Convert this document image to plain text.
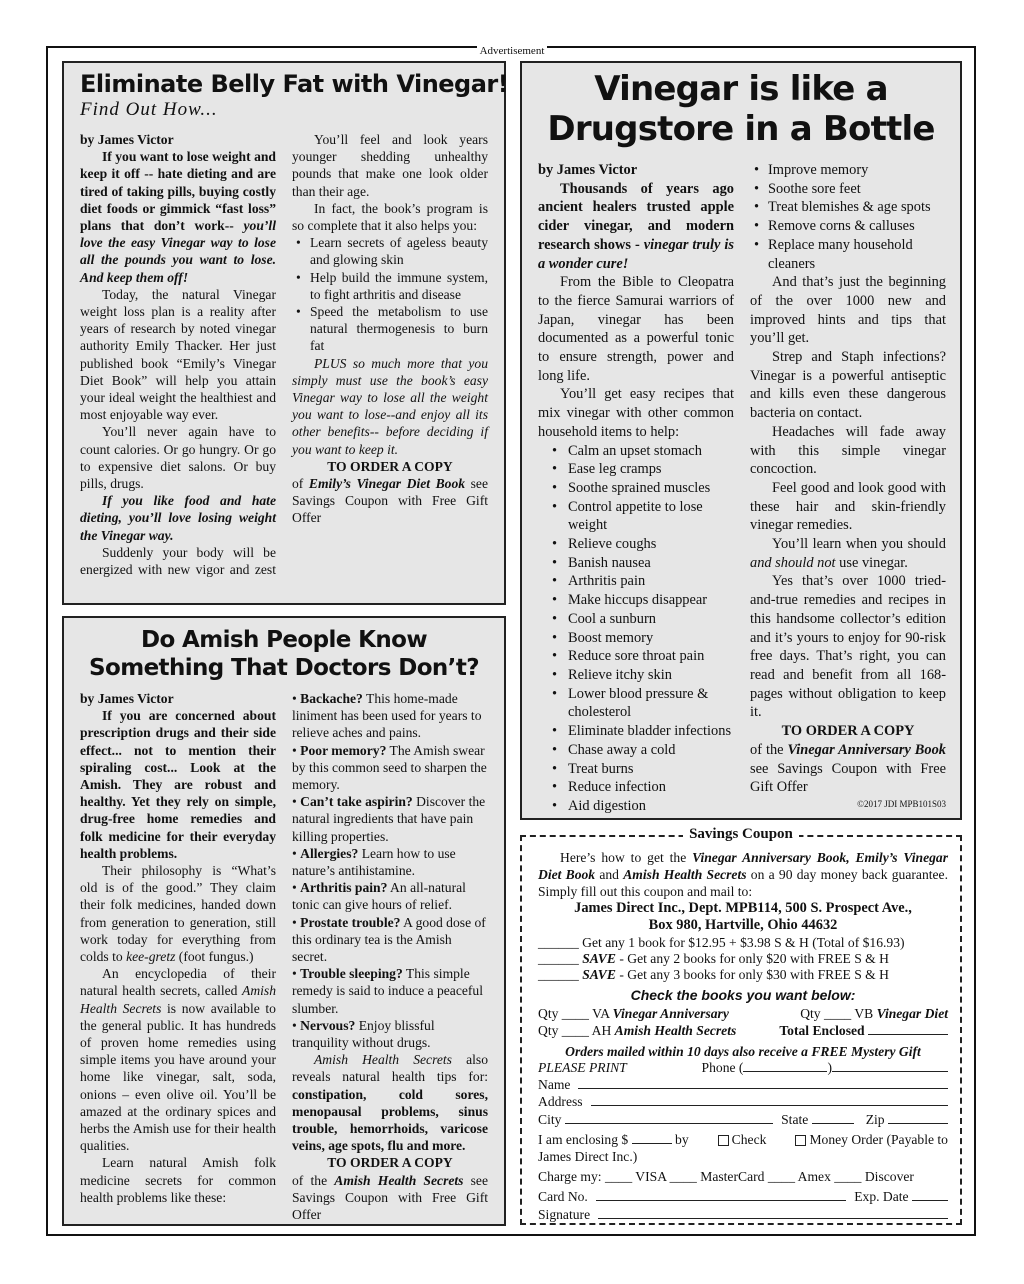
Advertisement
Eliminate Belly Fat with Vinegar!
Find Out How...

by James Victor

If you want to lose weight and keep it off -- hate dieting and are tired of taking pills, buying costly diet foods or gimmick “fast loss” plans that don’t work-- you’ll love the easy Vinegar way to lose all the pounds you want to lose. And keep them off!

Today, the natural Vinegar weight loss plan is a reality after years of research by noted vinegar authority Emily Thacker. Her just published book “Emily’s Vinegar Diet Book” will help you attain your ideal weight the healthiest and most enjoyable way ever.

You’ll never again have to count calories. Or go hungry. Or go to expensive diet salons. Or buy pills, drugs.

If you like food and hate dieting, you’ll love losing weight the Vinegar way.

Suddenly your body will be energized with new vigor and zest

You’ll feel and look years younger shedding unhealthy pounds that make one look older than their age.

In fact, the book’s program is so complete that it also helps you:

• Learn secrets of ageless beauty and glowing skin
• Help build the immune system, to fight arthritis and disease
• Speed the metabolism to use natural thermogenesis to burn fat

PLUS so much more that you simply must use the book’s easy Vinegar way to lose all the weight you want to lose--and enjoy all its other benefits-- before deciding if you want to keep it.

TO ORDER A COPY

of Emily’s Vinegar Diet Book see Savings Coupon with Free Gift Offer

Do Amish People Know
Something That Doctors Don’t?

by James Victor

If you are concerned about prescription drugs and their side effect... not to mention their spiraling cost... Look at the Amish. They are robust and healthy. Yet they rely on simple, drug-free home remedies and folk medicine for their everyday health problems.

Their philosophy is “What’s old is of the good.” They claim their folk medicines, handed down from generation to generation, still work today for everything from colds to kee-gretz (foot fungus.)

An encyclopedia of their natural health secrets, called Amish Health Secrets is now available to the general public. It has hundreds of proven home remedies using simple items you have around your home like vinegar, salt, soda, onions – even olive oil. You’ll be amazed at the ordinary spices and herbs the Amish use for their health qualities.

Learn natural Amish folk medicine secrets for common health problems like these:

• Backache? This home-made liniment has been used for years to relieve aches and pains.

• Poor memory? The Amish swear by this common seed to sharpen the memory.

• Can’t take aspirin? Discover the natural ingredients that have pain killing properties.

• Allergies? Learn how to use nature’s antihistamine.

• Arthritis pain? An all-natural tonic can give hours of relief.

• Prostate trouble? A good dose of this ordinary tea is the Amish secret.

• Trouble sleeping? This simple remedy is said to induce a peaceful slumber.

• Nervous? Enjoy blissful tranquility without drugs.

Amish Health Secrets also reveals natural health tips for: constipation, cold sores, menopausal problems, sinus trouble, hemorrhoids, varicose veins, age spots, flu and more.

TO ORDER A COPY

of the Amish Health Secrets see Savings Coupon with Free Gift Offer

Vinegar is like a
Drugstore in a Bottle

by James Victor

Thousands of years ago ancient healers trusted apple cider vinegar, and modern research shows - vinegar truly is a wonder cure!

From the Bible to Cleopatra to the fierce Samurai warriors of Japan, vinegar has been documented as a powerful tonic to ensure strength, power and long life.

You’ll get easy recipes that mix vinegar with other common household items to help:

• Calm an upset stomach
• Ease leg cramps
• Soothe sprained muscles
• Control appetite to lose weight
• Relieve coughs
• Banish nausea
• Arthritis pain
• Make hiccups disappear
• Cool a sunburn
• Boost memory
• Reduce sore throat pain
• Relieve itchy skin
• Lower blood pressure & cholesterol
• Eliminate bladder infections
• Chase away a cold
• Treat burns
• Reduce infection
• Aid digestion
• Improve memory
• Soothe sore feet
• Treat blemishes & age spots
• Remove corns & calluses
• Replace many household cleaners

And that’s just the beginning of the over 1000 new and improved hints and tips that you’ll get.

Strep and Staph infections? Vinegar is a powerful antiseptic and kills even these dangerous bacteria on contact.

Headaches will fade away with this simple vinegar concoction.

Feel good and look good with these hair and skin-friendly vinegar remedies.

You’ll learn when you should and should not use vinegar.

Yes that’s over 1000 tried-and-true remedies and recipes in this handsome collector’s edition and it’s yours to enjoy for 90-risk free days. That’s right, you can read and benefit from all 168-pages without obligation to keep it.

TO ORDER A COPY

of the Vinegar Anniversary Book see Savings Coupon with Free Gift Offer

©2017 JDI MPB101S03

Savings Coupon

Here’s how to get the Vinegar Anniversary Book, Emily’s Vinegar Diet Book and Amish Health Secrets on a 90 day money back guarantee. Simply fill out this coupon and mail to:

James Direct Inc., Dept. MPB114, 500 S. Prospect Ave.,

Box 980, Hartville, Ohio 44632

______ Get any 1 book for $12.95 + $3.98 S & H (Total of $16.93)

______ SAVE - Get any 2 books for only $20 with FREE S & H

______ SAVE - Get any 3 books for only $30 with FREE S & H

Check the books you want below:
Qty ____ VA Vinegar Anniversary	Qty ____ VB Vinegar Diet
Qty ____ AH Amish Health Secrets	Total Enclosed
Orders mailed within 10 days also receive a FREE Mystery Gift
PLEASE PRINT	Phone (	)
Name
Address
City	State	Zip
I am enclosing $	by	Check	Money Order (Payable to
James Direct Inc.)
Charge my: ____ VISA ____ MasterCard ____ Amex ____ Discover
Card No.	Exp. Date
Signature
